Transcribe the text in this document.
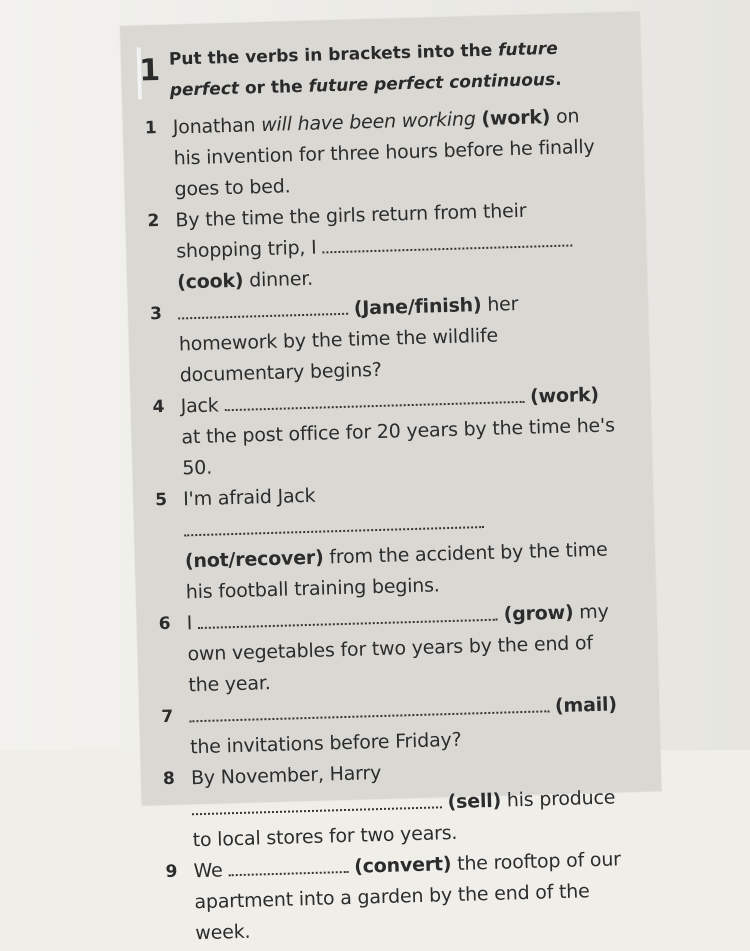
1 Put the verbs in brackets into the future perfect or the future perfect continuous.
1 Jonathan will have been working (work) on his invention for three hours before he finally goes to bed.
2 By the time the girls return from their shopping trip, I  (cook) dinner.
3	(Jane/finish) her homework by the time the wildlife documentary begins?
4 Jack	(work) at the post office for 20 years by the time he's 50.
5 I'm afraid Jack  (not/recover) from the accident by the time his football training begins.
6 I	(grow) my own vegetables for two years by the end of the year.
7	(mail) the invitations before Friday?
8 By November, Harry  (sell) his produce to local stores for two years.
9 We	(convert) the rooftop of our apartment into a garden by the end of the week.
